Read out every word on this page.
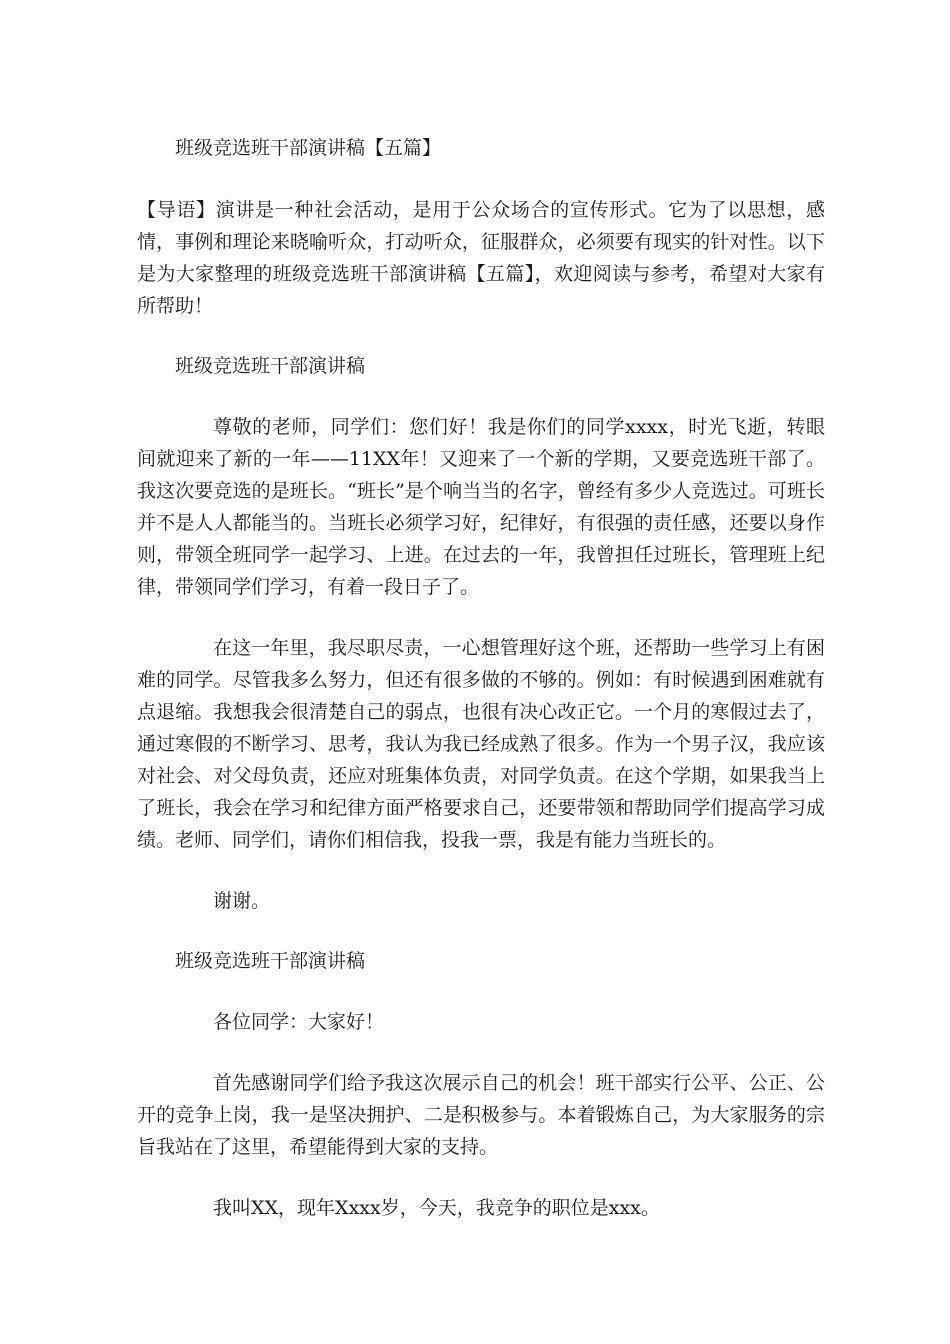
班级竞选班干部演讲稿【五篇】

【导语】演讲是一种社会活动，是用于公众场合的宣传形式。它为了以思想，感情，事例和理论来晓喻听众，打动听众，征服群众，必须要有现实的针对性。以下是为大家整理的班级竞选班干部演讲稿【五篇】，欢迎阅读与参考，希望对大家有所帮助！

班级竞选班干部演讲稿

尊敬的老师，同学们：您们好！我是你们的同学xxxx，时光飞逝，转眼间就迎来了新的一年——11XX年！又迎来了一个新的学期，又要竞选班干部了。我这次要竞选的是班长。“班长”是个响当当的名字，曾经有多少人竞选过。可班长并不是人人都能当的。当班长必须学习好，纪律好，有很强的责任感，还要以身作则，带领全班同学一起学习、上进。在过去的一年，我曾担任过班长，管理班上纪律，带领同学们学习，有着一段日子了。

在这一年里，我尽职尽责，一心想管理好这个班，还帮助一些学习上有困难的同学。尽管我多么努力，但还有很多做的不够的。例如：有时候遇到困难就有点退缩。我想我会很清楚自己的弱点，也很有决心改正它。一个月的寒假过去了，通过寒假的不断学习、思考，我认为我已经成熟了很多。作为一个男子汉，我应该对社会、对父母负责，还应对班集体负责，对同学负责。在这个学期，如果我当上了班长，我会在学习和纪律方面严格要求自己，还要带领和帮助同学们提高学习成绩。老师、同学们，请你们相信我，投我一票，我是有能力当班长的。

谢谢。

班级竞选班干部演讲稿

各位同学：大家好！

首先感谢同学们给予我这次展示自己的机会！班干部实行公平、公正、公开的竞争上岗，我一是坚决拥护、二是积极参与。本着锻炼自己，为大家服务的宗旨我站在了这里，希望能得到大家的支持。

我叫XX，现年Xxxx岁，今天，我竞争的职位是xxx。
